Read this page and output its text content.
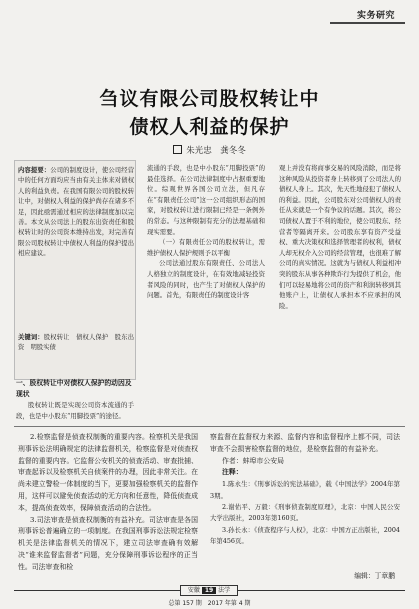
实务研究
刍议有限公司股权转让中
债权人利益的保护
朱光忠　龚冬冬
内容提要：公司的制度设计，使公司经营中的任何方面均应当由有关主体来对债权人的利益负责。在我国有限公司的股权转让中，对债权人利益的保护尚存在诸多不足，因此亟需通过相应的法律制度加以完善。本文从公司法上的股东出资责任和股权转让时的公司资本维持出发，对完善有限公司股权转让中债权人利益的保护提出相应建议。
关键词：股权转让　债权人保护　股东出资　明股实债
一、股权转让中对债权人保护的动因及现状

股权转让既是实现公司资本流通的手段，也是中小股东“用脚投票”的途径。

流通的手段，也是中小股东“用脚投票”的最佳选择。在公司法律制度中占据重要地位。综观世界各国公司立法，但凡存在“有限责任公司”这一公司组织形态的国家，对股权转让进行限制已经是一条例外的常态。与这种限制有充分的法理基础和现实需要。

（一）有限责任公司的股权转让，需维护债权人保护规则予以平衡

公司法通过股东有限责任、公司法人人格独立的制度设计，在有效地减轻投资者风险的同时，也产生了对债权人保护的问题。首先，有限责任的制度设计客

观上并没有将商事交易的风险消除，而是将这种风险从投资者身上转移到了公司法人的债权人身上。其次，先天性地侵犯了债权人的利益。因此，公司股东对公司债权人的责任从来就是一个有争议的话题。其次，将公司债权人置于不利的地位，使公司股东、经营者等隔离开来。公司股东享有资产受益权、重大决策权和选择管理者的权利，债权人却无权介入公司的经营管理，也很难了解公司的真实情况。这就为与债权人利益相冲突的股东从事各种欺诈行为提供了机会，他们可以轻易地将公司的资产和利润转移到其他账户上，让债权人承担本不应承担的风险。

2.检察监督是侦查权制衡的重要内容。检察机关是我国刑事诉讼法明确规定的法律监督机关，检察监督是对侦查权监督的重要内容。它监督公安机关的侦查活动、审查批捕、审查起诉以及检察机关自侦案件的办理，因此非常关注。在尚未建立警检一体制度的当下，更要加强检察机关的监督作用，这样可以避免侦查活动的无方向和任意性，降低侦查成本，提高侦查效率，保障侦查活动的合法性。

3.司法审查是侦查权制衡的有益补充。司法审查是各国刑事诉讼普遍确立的一项制度。在我国刑事诉讼法规定检察机关是法律监督机关的情况下，建立司法审查确有效解决“谁来监督监督者”问题，充分保障刑事诉讼程序的正当性。司法审查和检

察监督在监督权力来源、监督内容和监督程序上都不同，司法审查不会损害检察监督的地位，是检察监督的有益补充。

作者：蚌埠市公安局

注释：

1.陈永生：《刑事诉讼的宪法基础》，载《中国法学》2004年第3期。

2.谢佑平、万毅：《刑事侦查制度原理》，北京：中国人民公安大学出版社，2003年第160页。

3.孙长永：《侦查程序与人权》，北京：中国方正出版社，2004年第456页。

编辑：丁章鹏
安徽 19 法学
总第 157 期　2017 年第 4 期
